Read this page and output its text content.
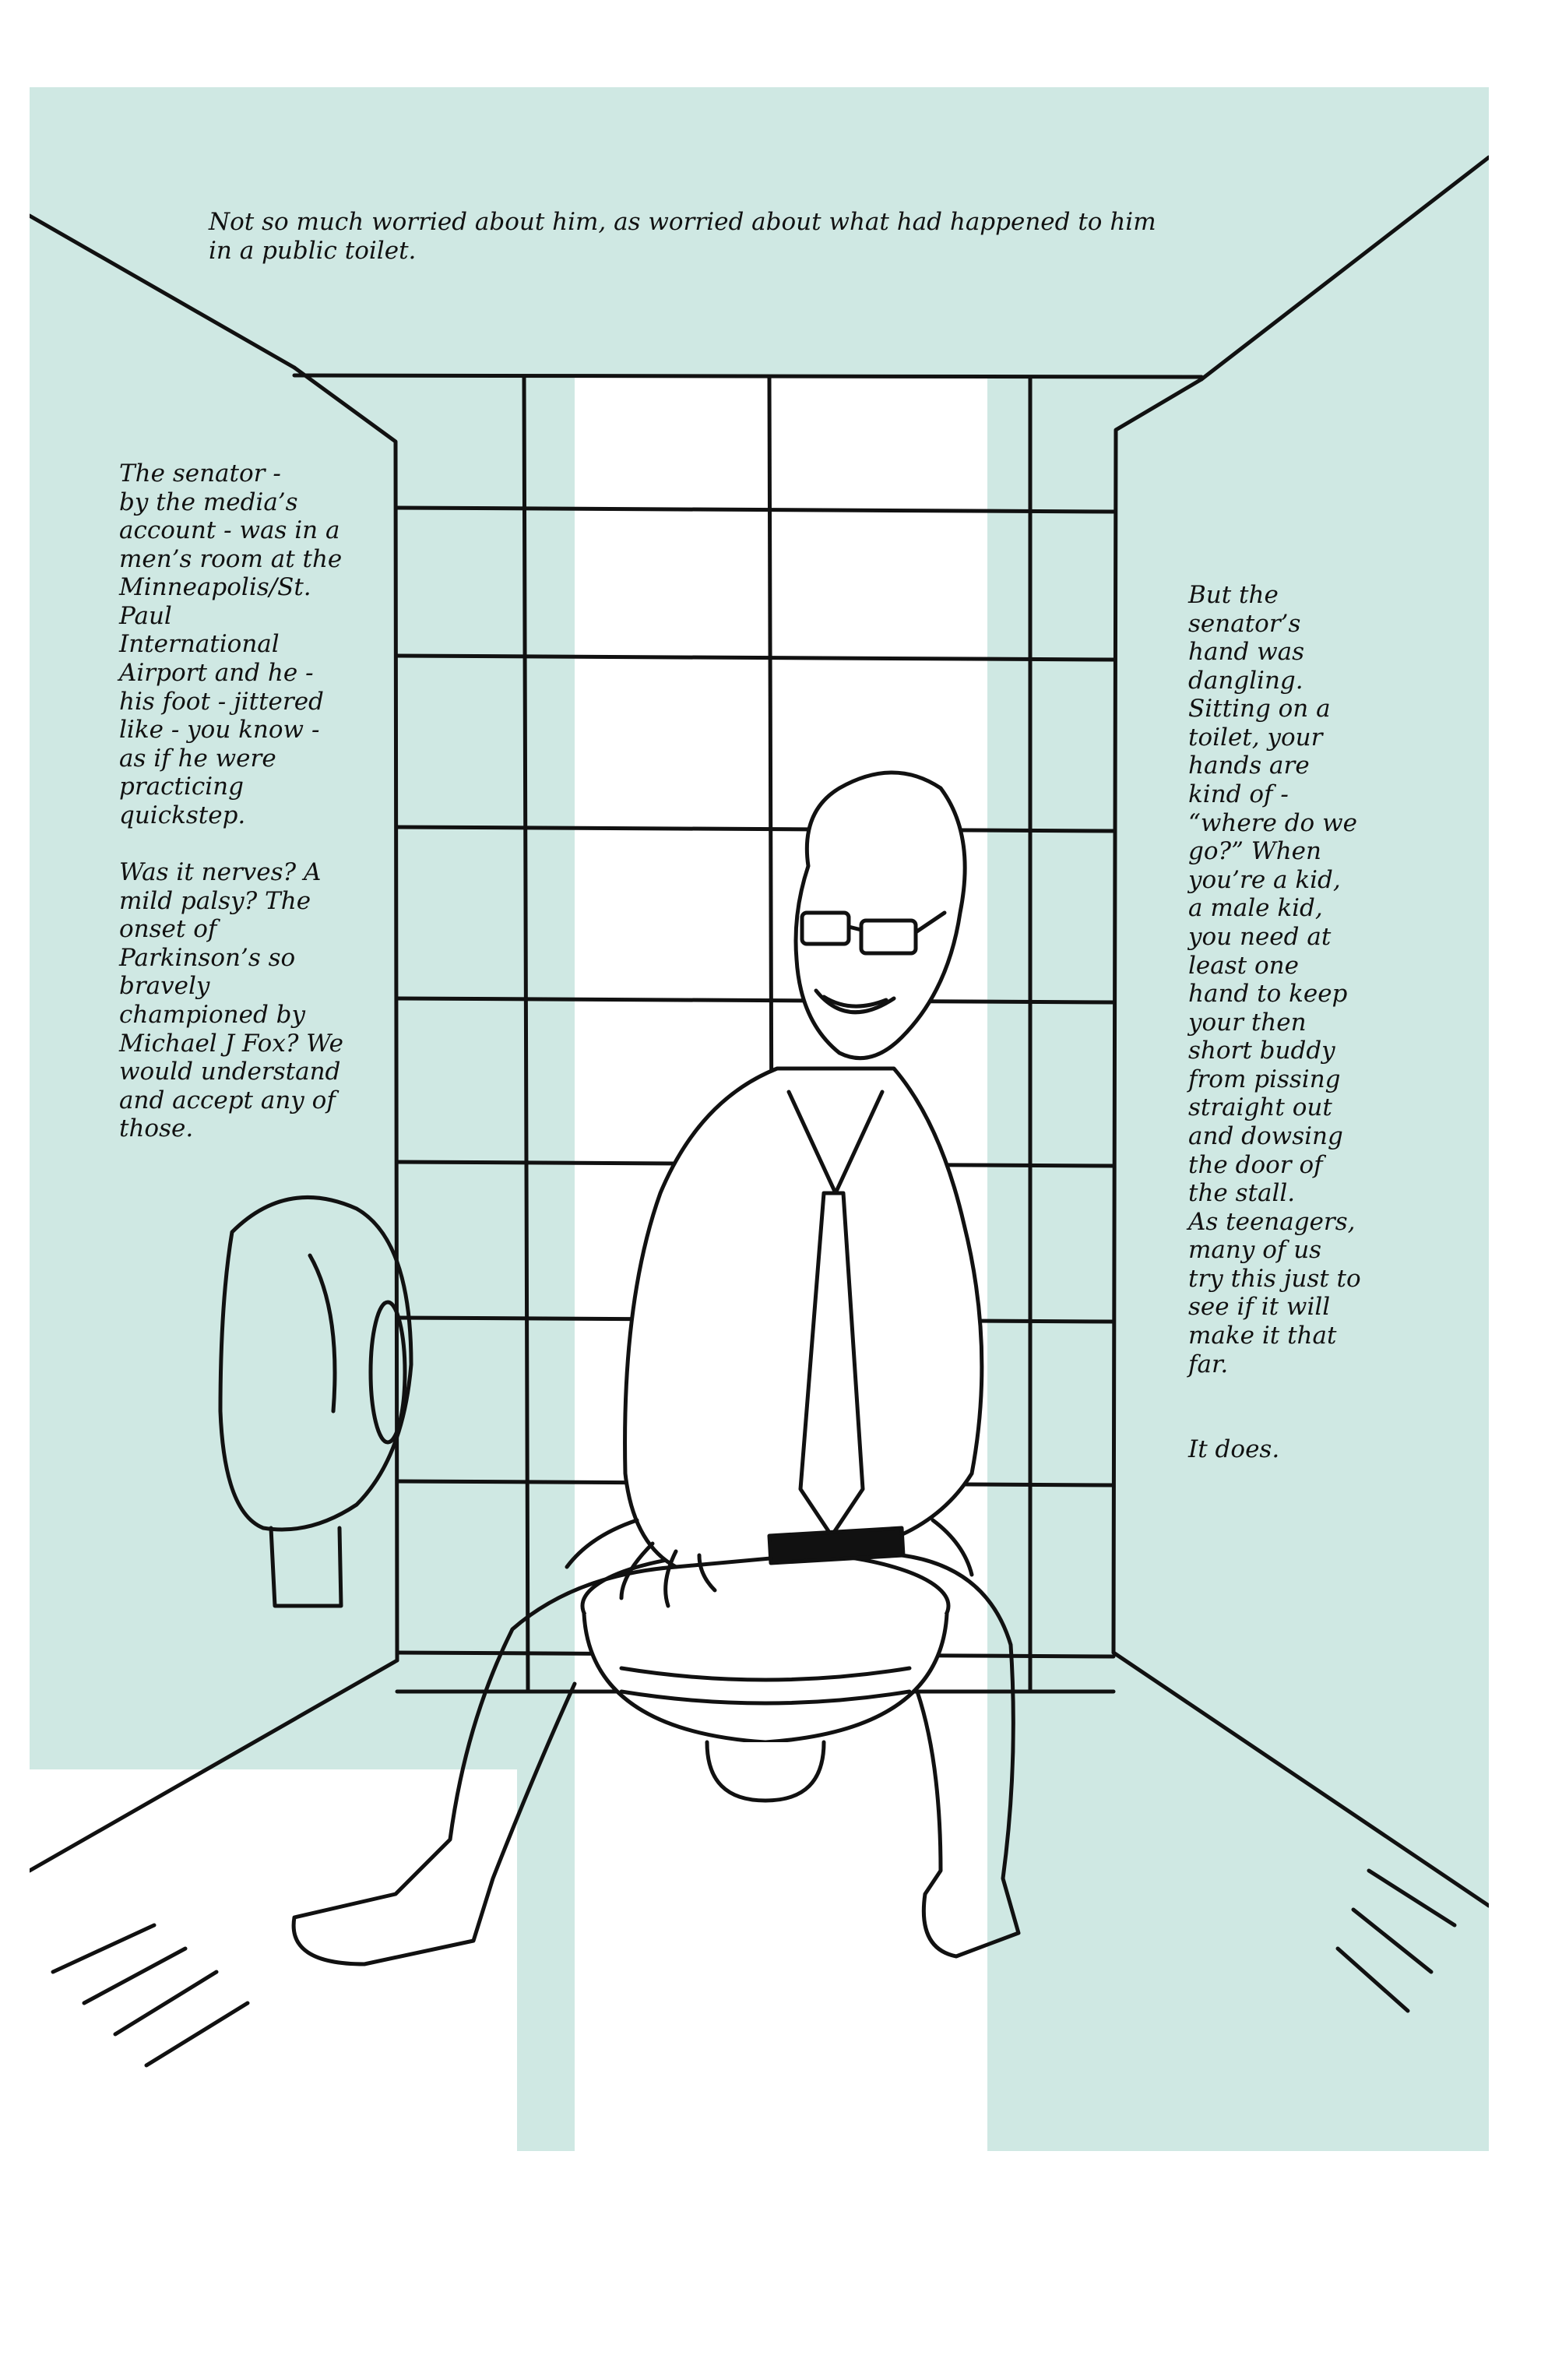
Not so much worried about him, as worried about what had happened to him
in a public toilet.
The senator -
by the media’s
account - was in a
men’s room at the
Minneapolis/St.
Paul
International
Airport and he -
his foot - jittered
like - you know -
as if he were
practicing
quickstep.

Was it nerves? A
mild palsy? The
onset of
Parkinson’s so
bravely
championed by
Michael J Fox? We
would understand
and accept any of
those.
But the
senator’s
hand was
dangling.
Sitting on a
toilet, your
hands are
kind of -
“where do we
go?” When
you’re a kid,
a male kid,
you need at
least one
hand to keep
your then
short buddy
from pissing
straight out
and dowsing
the door of
the stall.
As teenagers,
many of us
try this just to
see if it will
make it that
far.

It does.
